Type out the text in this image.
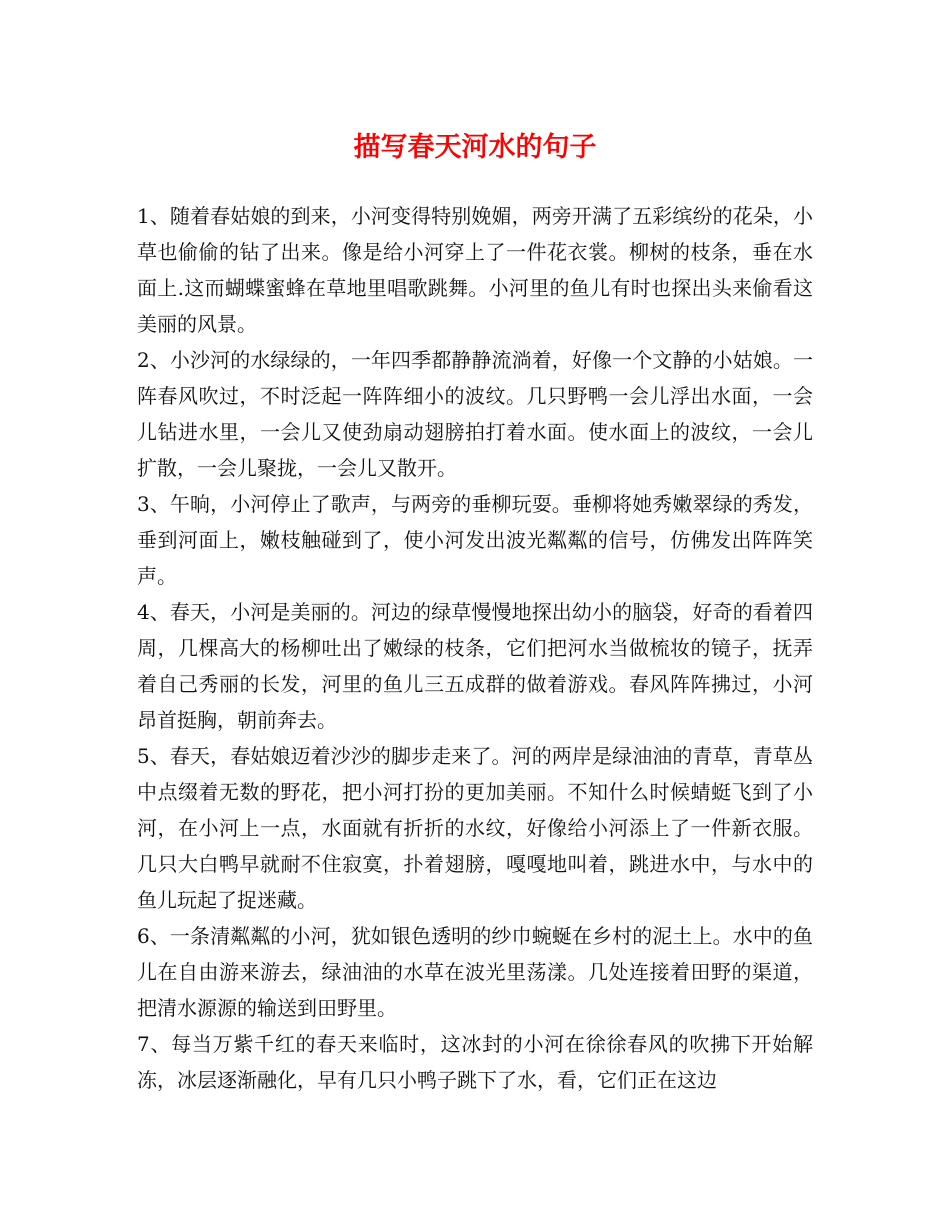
描写春天河水的句子

1、随着春姑娘的到来，小河变得特别娩媚，两旁开满了五彩缤纷的花朵，小草也偷偷的钻了出来。像是给小河穿上了一件花衣裳。柳树的枝条，垂在水面上.这而蝴蝶蜜蜂在草地里唱歌跳舞。小河里的鱼儿有时也探出头来偷看这美丽的风景。

2、小沙河的水绿绿的，一年四季都静静流淌着，好像一个文静的小姑娘。一阵春风吹过，不时泛起一阵阵细小的波纹。几只野鸭一会儿浮出水面，一会儿钻进水里，一会儿又使劲扇动翅膀拍打着水面。使水面上的波纹，一会儿扩散，一会儿聚拢，一会儿又散开。

3、午晌，小河停止了歌声，与两旁的垂柳玩耍。垂柳将她秀嫩翠绿的秀发，垂到河面上，嫩枝触碰到了，使小河发出波光粼粼的信号，仿佛发出阵阵笑声。

4、春天，小河是美丽的。河边的绿草慢慢地探出幼小的脑袋，好奇的看着四周，几棵高大的杨柳吐出了嫩绿的枝条，它们把河水当做梳妆的镜子，抚弄着自己秀丽的长发，河里的鱼儿三五成群的做着游戏。春风阵阵拂过，小河昂首挺胸，朝前奔去。

5、春天，春姑娘迈着沙沙的脚步走来了。河的两岸是绿油油的青草，青草丛中点缀着无数的野花，把小河打扮的更加美丽。不知什么时候蜻蜓飞到了小河，在小河上一点，水面就有折折的水纹，好像给小河添上了一件新衣服。几只大白鸭早就耐不住寂寞，扑着翅膀，嘎嘎地叫着，跳进水中，与水中的鱼儿玩起了捉迷藏。

6、一条清粼粼的小河，犹如银色透明的纱巾蜿蜒在乡村的泥土上。水中的鱼儿在自由游来游去，绿油油的水草在波光里荡漾。几处连接着田野的渠道，把清水源源的输送到田野里。

7、每当万紫千红的春天来临时，这冰封的小河在徐徐春风的吹拂下开始解冻，冰层逐渐融化，早有几只小鸭子跳下了水，看，它们正在这边
